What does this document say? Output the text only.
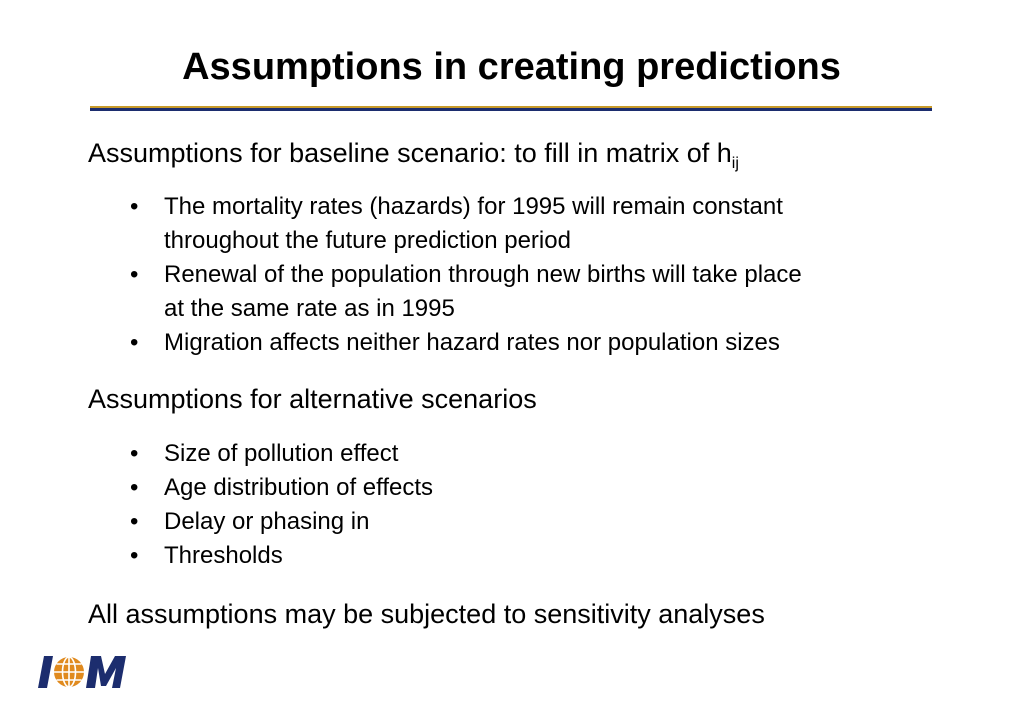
Assumptions in creating predictions

Assumptions for baseline scenario: to fill in matrix of $h_{ij}$

• The mortality rates (hazards) for 1995 will remain constant
throughout the future prediction period
• Renewal of the population through new births will take place
at the same rate as in 1995
• Migration affects neither hazard rates nor population sizes

Assumptions for alternative scenarios

• Size of pollution effect
• Age distribution of effects
• Delay or phasing in
• Thresholds

All assumptions may be subjected to sensitivity analyses
